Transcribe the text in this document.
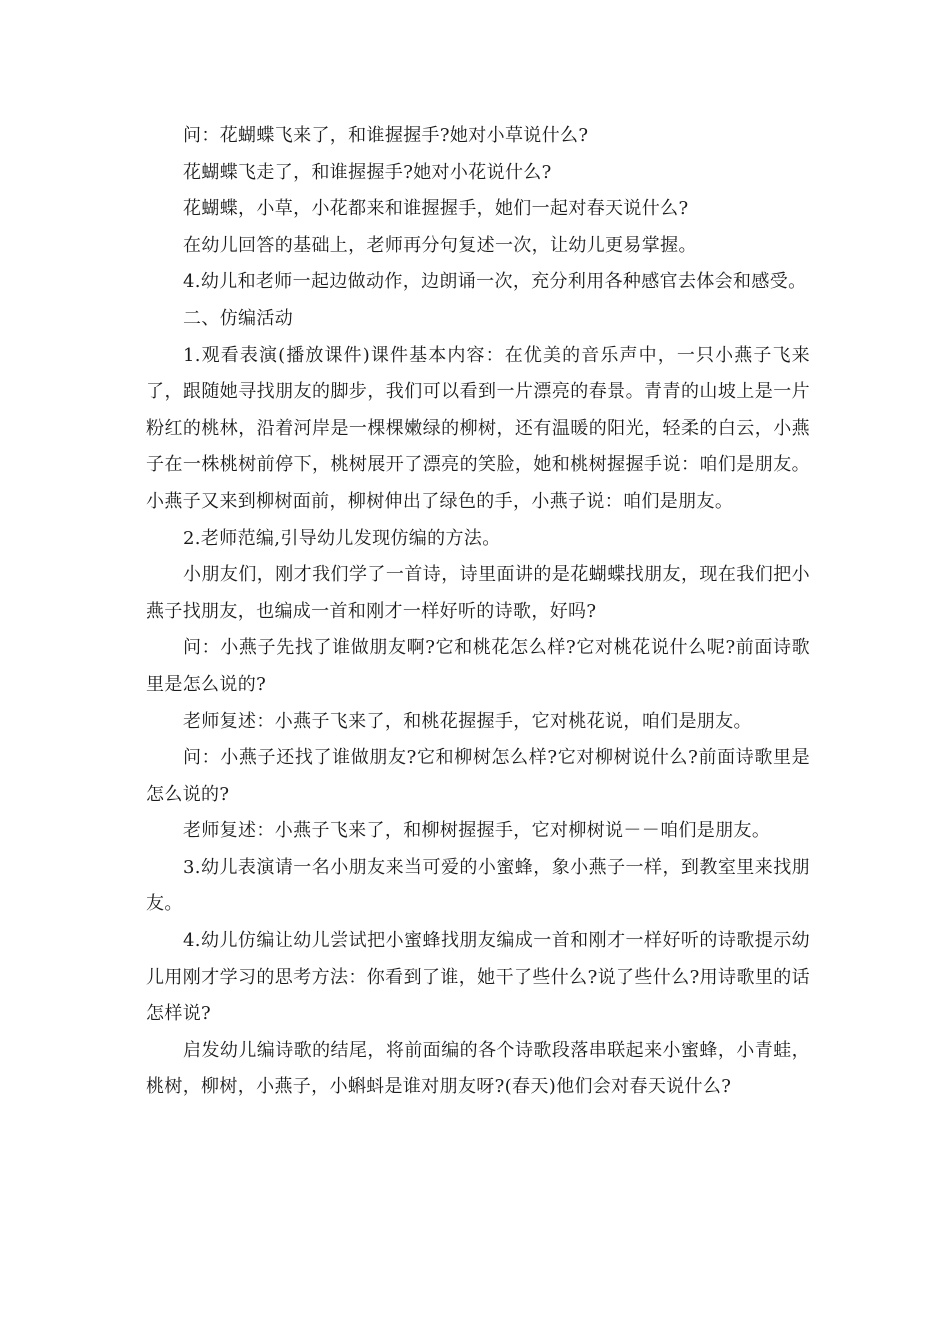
问：花蝴蝶飞来了，和谁握握手?她对小草说什么?

花蝴蝶飞走了，和谁握握手?她对小花说什么?

花蝴蝶，小草，小花都来和谁握握手，她们一起对春天说什么?

在幼儿回答的基础上，老师再分句复述一次，让幼儿更易掌握。

4.幼儿和老师一起边做动作，边朗诵一次，充分利用各种感官去体会和感受。

二、仿编活动

1.观看表演(播放课件)课件基本内容：在优美的音乐声中，一只小燕子飞来了，跟随她寻找朋友的脚步，我们可以看到一片漂亮的春景。青青的山坡上是一片粉红的桃林，沿着河岸是一棵棵嫩绿的柳树，还有温暖的阳光，轻柔的白云，小燕子在一株桃树前停下，桃树展开了漂亮的笑脸，她和桃树握握手说：咱们是朋友。小燕子又来到柳树面前，柳树伸出了绿色的手，小燕子说：咱们是朋友。

2.老师范编,引导幼儿发现仿编的方法。

小朋友们，刚才我们学了一首诗，诗里面讲的是花蝴蝶找朋友，现在我们把小燕子找朋友，也编成一首和刚才一样好听的诗歌，好吗?

问：小燕子先找了谁做朋友啊?它和桃花怎么样?它对桃花说什么呢?前面诗歌里是怎么说的?

老师复述：小燕子飞来了，和桃花握握手，它对桃花说，咱们是朋友。

问：小燕子还找了谁做朋友?它和柳树怎么样?它对柳树说什么?前面诗歌里是怎么说的?

老师复述：小燕子飞来了，和柳树握握手，它对柳树说－－咱们是朋友。

3.幼儿表演请一名小朋友来当可爱的小蜜蜂，象小燕子一样，到教室里来找朋友。

4.幼儿仿编让幼儿尝试把小蜜蜂找朋友编成一首和刚才一样好听的诗歌提示幼儿用刚才学习的思考方法：你看到了谁，她干了些什么?说了些什么?用诗歌里的话怎样说?

启发幼儿编诗歌的结尾，将前面编的各个诗歌段落串联起来小蜜蜂，小青蛙，桃树，柳树，小燕子，小蝌蚪是谁对朋友呀?(春天)他们会对春天说什么?
